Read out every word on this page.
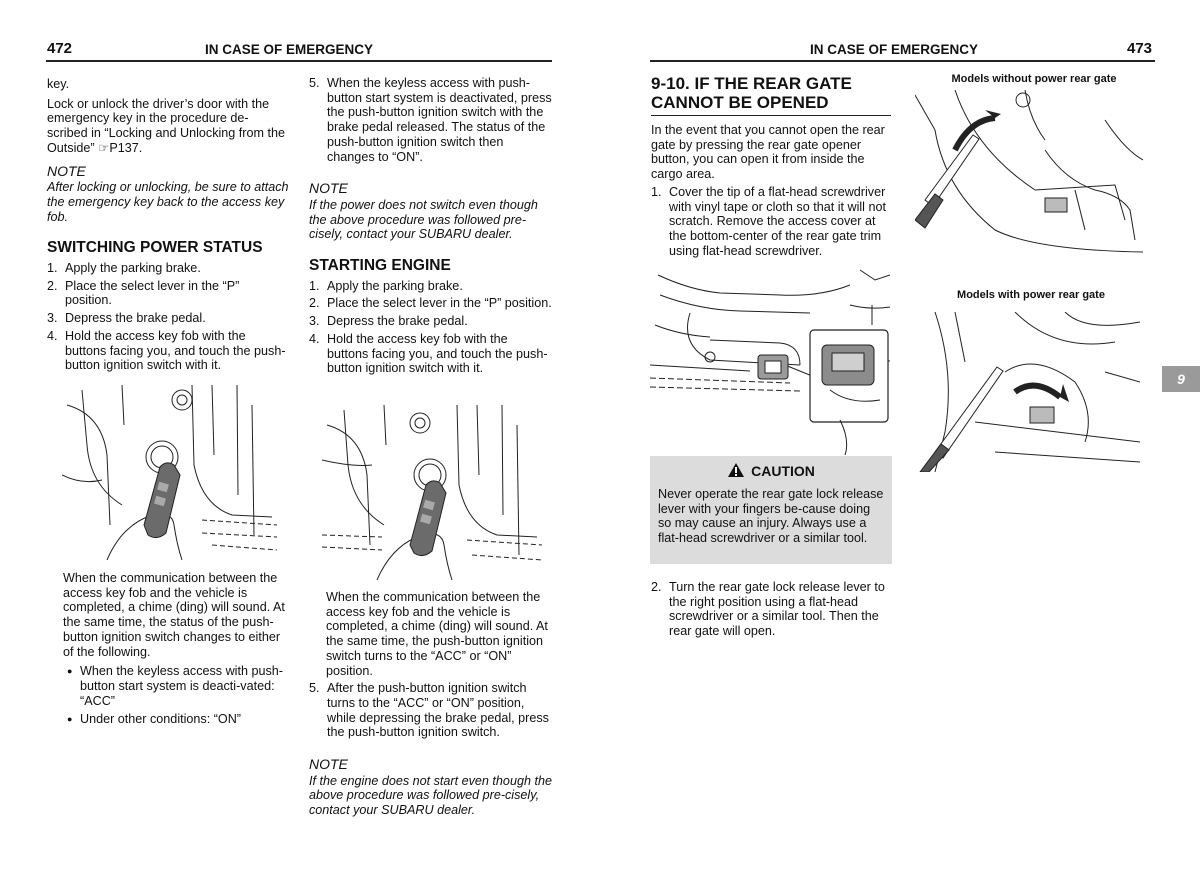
472	IN CASE OF EMERGENCY

key.

Lock or unlock the driver’s door with the emergency key in the procedure de-scribed in “Locking and Unlocking from the Outside” ☞P137.

NOTE

After locking or unlocking, be sure to attach the emergency key back to the access key fob.

SWITCHING POWER STATUS

1. Apply the parking brake.
2. Place the select lever in the “P” position.
3. Depress the brake pedal.
4. Hold the access key fob with the buttons facing you, and touch the push-button ignition switch with it.

When the communication between the access key fob and the vehicle is completed, a chime (ding) will sound. At the same time, the status of the push-button ignition switch changes to either of the following.

● When the keyless access with push-button start system is deacti-vated: “ACC”
● Under other conditions: “ON”
5. When the keyless access with push-button start system is deactivated, press the push-button ignition switch with the brake pedal released. The status of the push-button ignition switch then changes to “ON”.

NOTE

If the power does not switch even though the above procedure was followed pre-cisely, contact your SUBARU dealer.

STARTING ENGINE

1. Apply the parking brake.
2. Place the select lever in the “P” position.
3. Depress the brake pedal.
4. Hold the access key fob with the buttons facing you, and touch the push-button ignition switch with it.

When the communication between the access key fob and the vehicle is completed, a chime (ding) will sound. At the same time, the push-button ignition switch turns to the “ACC” or “ON” position.

5. After the push-button ignition switch turns to the “ACC” or “ON” position, while depressing the brake pedal, press the push-button ignition switch.

NOTE

If the engine does not start even though the above procedure was followed pre-cisely, contact your SUBARU dealer.

IN CASE OF EMERGENCY	473

9-10. IF THE REAR GATE

CANNOT BE OPENED

In the event that you cannot open the rear gate by pressing the rear gate opener button, you can open it from inside the cargo area.

1. Cover the tip of a flat-head screwdriver with vinyl tape or cloth so that it will not scratch. Remove the access cover at the bottom-center of the rear gate trim using flat-head screwdriver.
CAUTION
Never operate the rear gate lock release lever with your fingers be-cause doing so may cause an injury. Always use a flat-head screwdriver or a similar tool.
2. Turn the rear gate lock release lever to the right position using a flat-head screwdriver or a similar tool. Then the rear gate will open.
Models without power rear gate
Models with power rear gate
9
